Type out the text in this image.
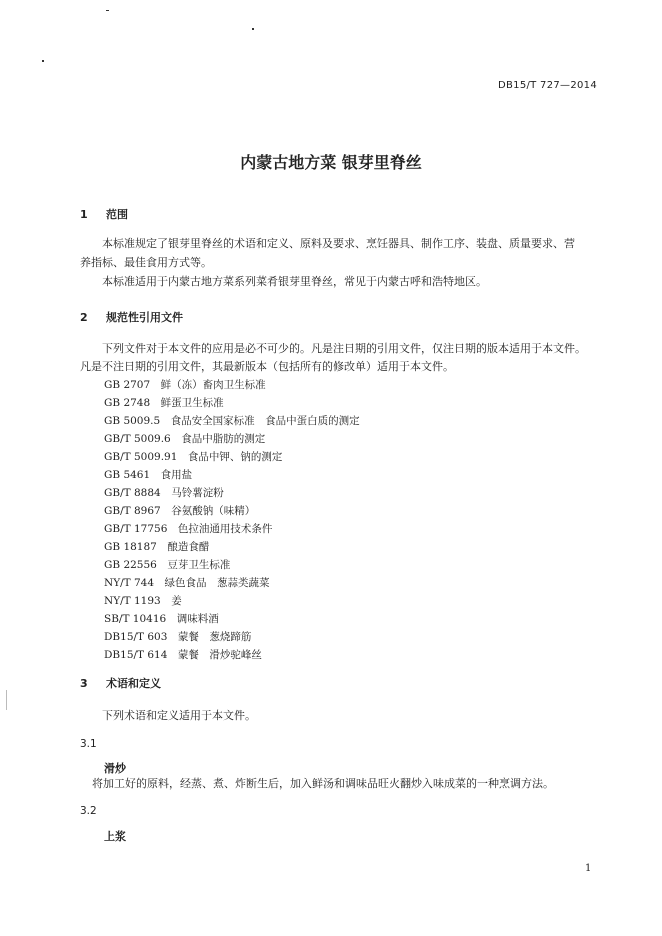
DB15/T 727—2014
内蒙古地方菜 银芽里脊丝
1 范围
本标准规定了银芽里脊丝的术语和定义、原料及要求、烹饪器具、制作工序、装盘、质量要求、营
养指标、最佳食用方式等。
本标准适用于内蒙古地方菜系列菜肴银芽里脊丝，常见于内蒙古呼和浩特地区。
2 规范性引用文件
下列文件对于本文件的应用是必不可少的。凡是注日期的引用文件，仅注日期的版本适用于本文件。
凡是不注日期的引用文件，其最新版本（包括所有的修改单）适用于本文件。
GB 2707　 鲜（冻）畜肉卫生标准
GB 2748　 鲜蛋卫生标准
GB 5009.5　 食品安全国家标准　食品中蛋白质的测定
GB/T 5009.6　 食品中脂肪的测定
GB/T 5009.91　 食品中钾、钠的测定
GB 5461　 食用盐
GB/T 8884　 马铃薯淀粉
GB/T 8967　 谷氨酸钠（味精）
GB/T 17756　 色拉油通用技术条件
GB 18187　 酿造食醋
GB 22556　 豆芽卫生标准
NY/T 744　 绿色食品　葱蒜类蔬菜
NY/T 1193　 姜
SB/T 10416　 调味料酒
DB15/T 603　 蒙餐　葱烧蹄筋
DB15/T 614　 蒙餐　滑炒驼峰丝
3 术语和定义
下列术语和定义适用于本文件。
3.1
滑炒
将加工好的原料，经蒸、煮、炸断生后，加入鲜汤和调味品旺火翻炒入味成菜的一种烹调方法。
3.2
上浆
1
